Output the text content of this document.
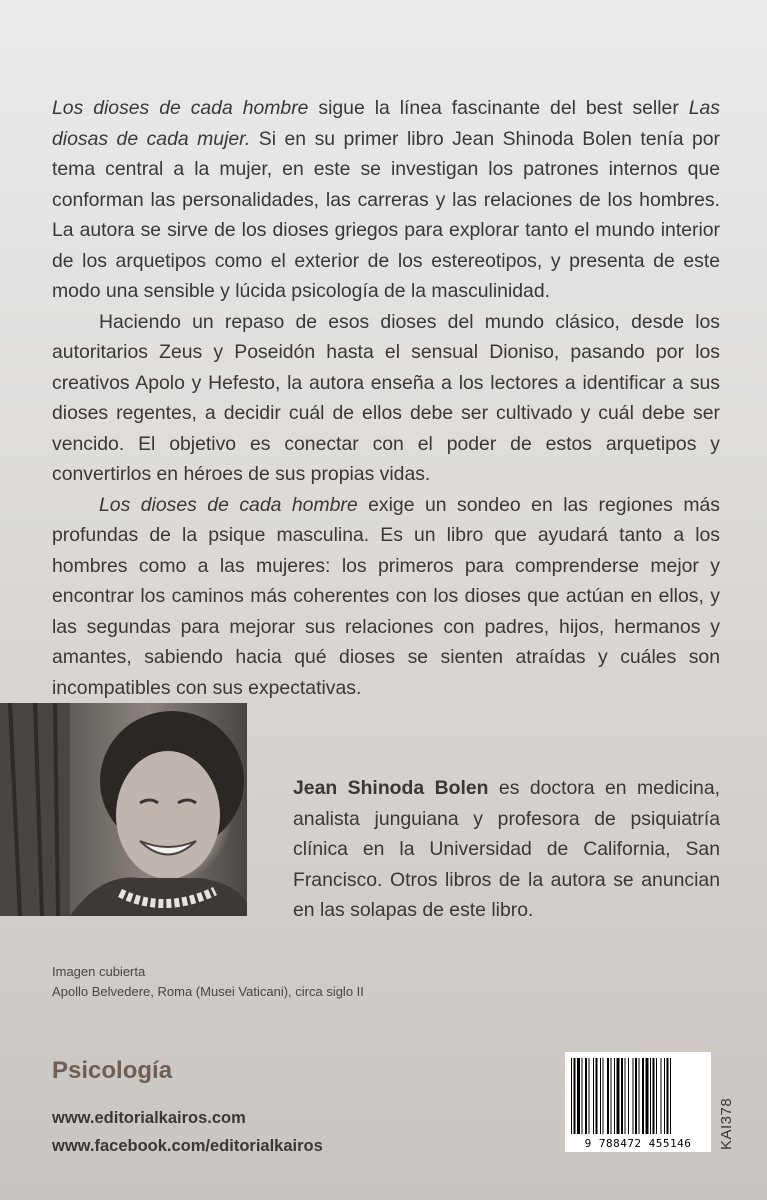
Los dioses de cada hombre sigue la línea fascinante del best seller Las diosas de cada mujer. Si en su primer libro Jean Shinoda Bolen tenía por tema central a la mujer, en este se investigan los patrones internos que conforman las personalidades, las carreras y las relaciones de los hombres. La autora se sirve de los dioses griegos para explorar tanto el mundo interior de los arquetipos como el exterior de los estereotipos, y presenta de este modo una sensible y lúcida psicología de la masculinidad.

Haciendo un repaso de esos dioses del mundo clásico, desde los autoritarios Zeus y Poseidón hasta el sensual Dioniso, pasando por los creativos Apolo y Hefesto, la autora enseña a los lectores a identificar a sus dioses regentes, a decidir cuál de ellos debe ser cultivado y cuál debe ser vencido. El objetivo es conectar con el poder de estos arquetipos y convertirlos en héroes de sus propias vidas.

Los dioses de cada hombre exige un sondeo en las regiones más profundas de la psique masculina. Es un libro que ayudará tanto a los hombres como a las mujeres: los primeros para comprenderse mejor y encontrar los caminos más coherentes con los dioses que actúan en ellos, y las segundas para mejorar sus relaciones con padres, hijos, hermanos y amantes, sabiendo hacia qué dioses se sienten atraídas y cuáles son incompatibles con sus expectativas.

Jean Shinoda Bolen es doctora en medicina, analista junguiana y profesora de psiquiatría clínica en la Universidad de California, San Francisco. Otros libros de la autora se anuncian en las solapas de este libro.
Imagen cubierta
Apollo Belvedere, Roma (Musei Vaticani), circa siglo II
Psicología
www.editorialkairos.com
www.facebook.com/editorialkairos	9 788472 455146	KAI378
